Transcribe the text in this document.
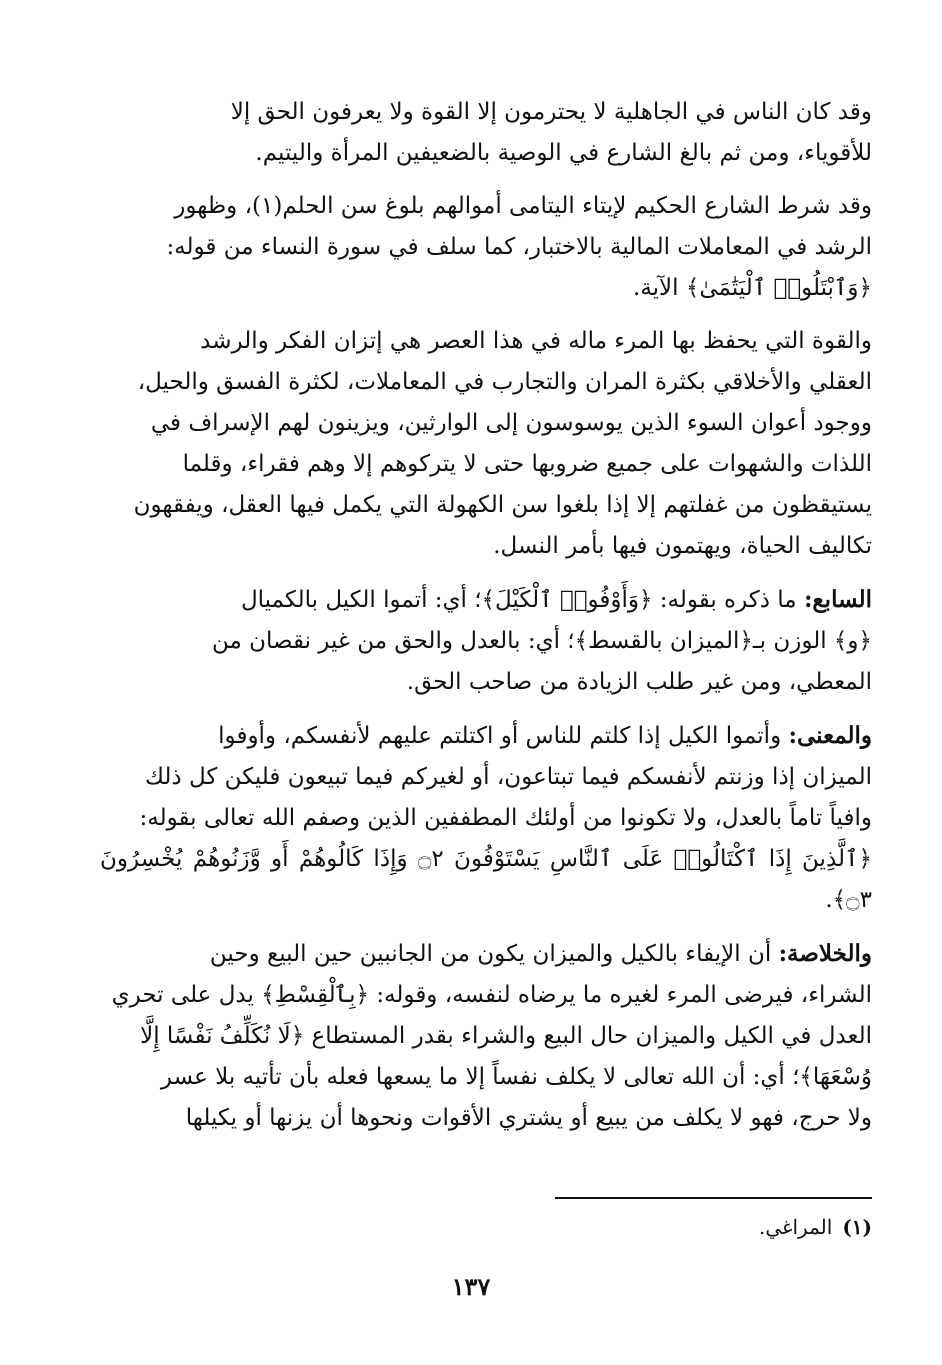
وقد كان الناس في الجاهلية لا يحترمون إلا القوة ولا يعرفون الحق إلا

للأقوياء، ومن ثم بالغ الشارع في الوصية بالضعيفين المرأة واليتيم.

وقد شرط الشارع الحكيم لإيتاء اليتامى أموالهم بلوغ سن الحلم(١)، وظهور

الرشد في المعاملات المالية بالاختبار، كما سلف في سورة النساء من قوله:

﴿وَٱبْتَلُوا۟ ٱلْيَتَٰمَىٰ﴾ الآية.

والقوة التي يحفظ بها المرء ماله في هذا العصر هي إتزان الفكر والرشد

العقلي والأخلاقي بكثرة المران والتجارب في المعاملات، لكثرة الفسق والحيل،

ووجود أعوان السوء الذين يوسوسون إلى الوارثين، ويزينون لهم الإسراف في

اللذات والشهوات على جميع ضروبها حتى لا يتركوهم إلا وهم فقراء، وقلما

يستيقظون من غفلتهم إلا إذا بلغوا سن الكهولة التي يكمل فيها العقل، ويفقهون

تكاليف الحياة، ويهتمون فيها بأمر النسل.

السابع: ما ذكره بقوله: ﴿وَأَوْفُوا۟ ٱلْكَيْلَ﴾؛ أي: أتموا الكيل بالكميال

﴿و﴾ الوزن بـ﴿الميزان بالقسط﴾؛ أي: بالعدل والحق من غير نقصان من

المعطي، ومن غير طلب الزيادة من صاحب الحق.

والمعنى: وأتموا الكيل إذا كلتم للناس أو اكتلتم عليهم لأنفسكم، وأوفوا

الميزان إذا وزنتم لأنفسكم فيما تبتاعون، أو لغيركم فيما تبيعون فليكن كل ذلك

وافياً تاماً بالعدل، ولا تكونوا من أولئك المطففين الذين وصفم الله تعالى بقوله:

﴿ٱلَّذِينَ إِذَا ٱكْتَالُوا۟ عَلَى ٱلنَّاسِ يَسْتَوْفُونَ ۝٢ وَإِذَا كَالُوهُمْ أَو وَّزَنُوهُمْ يُخْسِرُونَ ۝٣﴾.

والخلاصة: أن الإيفاء بالكيل والميزان يكون من الجانبين حين البيع وحين

الشراء، فيرضى المرء لغيره ما يرضاه لنفسه، وقوله: ﴿بِٱلْقِسْطِ﴾ يدل على تحري

العدل في الكيل والميزان حال البيع والشراء بقدر المستطاع ﴿لَا نُكَلِّفُ نَفْسًا إِلَّا

وُسْعَهَا﴾؛ أي: أن الله تعالى لا يكلف نفساً إلا ما يسعها فعله بأن تأتيه بلا عسر

ولا حرج، فهو لا يكلف من يبيع أو يشتري الأقوات ونحوها أن يزنها أو يكيلها

(١)المراغي.
١٣٧
